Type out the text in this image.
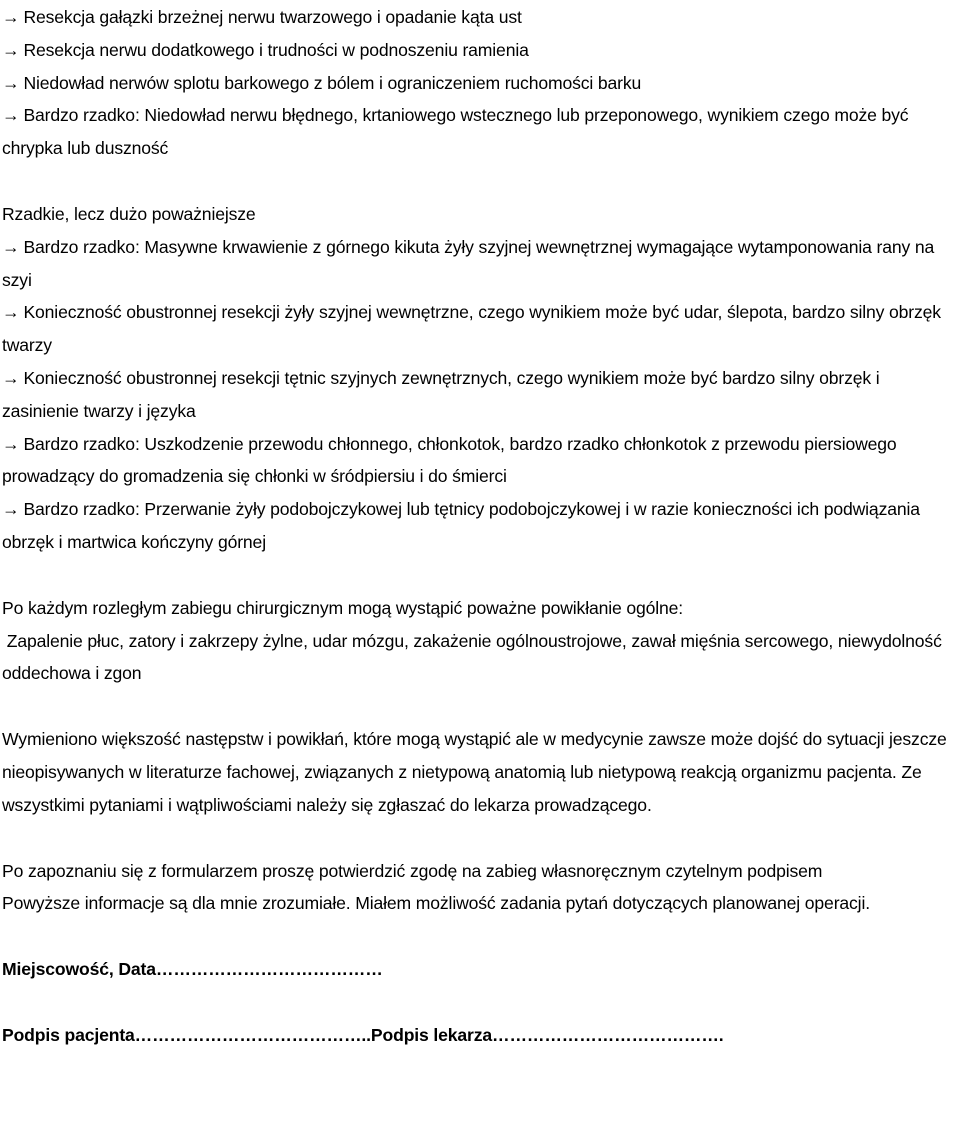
→ Resekcja gałązki brzeżnej nerwu twarzowego i opadanie kąta ust

→ Resekcja nerwu dodatkowego i trudności w podnoszeniu ramienia

→ Niedowład nerwów splotu barkowego z bólem i ograniczeniem ruchomości barku

→ Bardzo rzadko: Niedowład nerwu błędnego, krtaniowego wstecznego lub przeponowego, wynikiem czego może być chrypka lub duszność

Rzadkie, lecz dużo poważniejsze

→ Bardzo rzadko: Masywne krwawienie z górnego kikuta żyły szyjnej wewnętrznej wymagające wytamponowania rany na szyi

→ Konieczność obustronnej resekcji żyły szyjnej wewnętrzne, czego wynikiem może być udar, ślepota, bardzo silny obrzęk twarzy

→ Konieczność obustronnej resekcji tętnic szyjnych zewnętrznych, czego wynikiem może być bardzo silny obrzęk i zasinienie twarzy i języka

→ Bardzo rzadko: Uszkodzenie przewodu chłonnego, chłonkotok, bardzo rzadko chłonkotok z przewodu piersiowego prowadzący do gromadzenia się chłonki w śródpiersiu i do śmierci

→ Bardzo rzadko: Przerwanie żyły podobojczykowej lub tętnicy podobojczykowej i w razie konieczności ich podwiązania obrzęk i martwica kończyny górnej

Po każdym rozległym zabiegu chirurgicznym mogą wystąpić poważne powikłanie ogólne:

Zapalenie płuc, zatory i zakrzepy żylne, udar mózgu, zakażenie ogólnoustrojowe, zawał mięśnia sercowego, niewydolność oddechowa i zgon

Wymieniono większość następstw i powikłań, które mogą wystąpić ale w medycynie zawsze może dojść do sytuacji jeszcze nieopisywanych w literaturze fachowej, związanych z nietypową anatomią lub nietypową reakcją organizmu pacjenta. Ze wszystkimi pytaniami i wątpliwościami należy się zgłaszać do lekarza prowadzącego.

Po zapoznaniu się z formularzem proszę potwierdzić zgodę na zabieg własnoręcznym czytelnym podpisem

Powyższe informacje są dla mnie zrozumiałe. Miałem możliwość zadania pytań dotyczących planowanej operacji.

Miejscowość, Data…………………………………

Podpis pacjenta…………………………………..Podpis lekarza………………………………….
